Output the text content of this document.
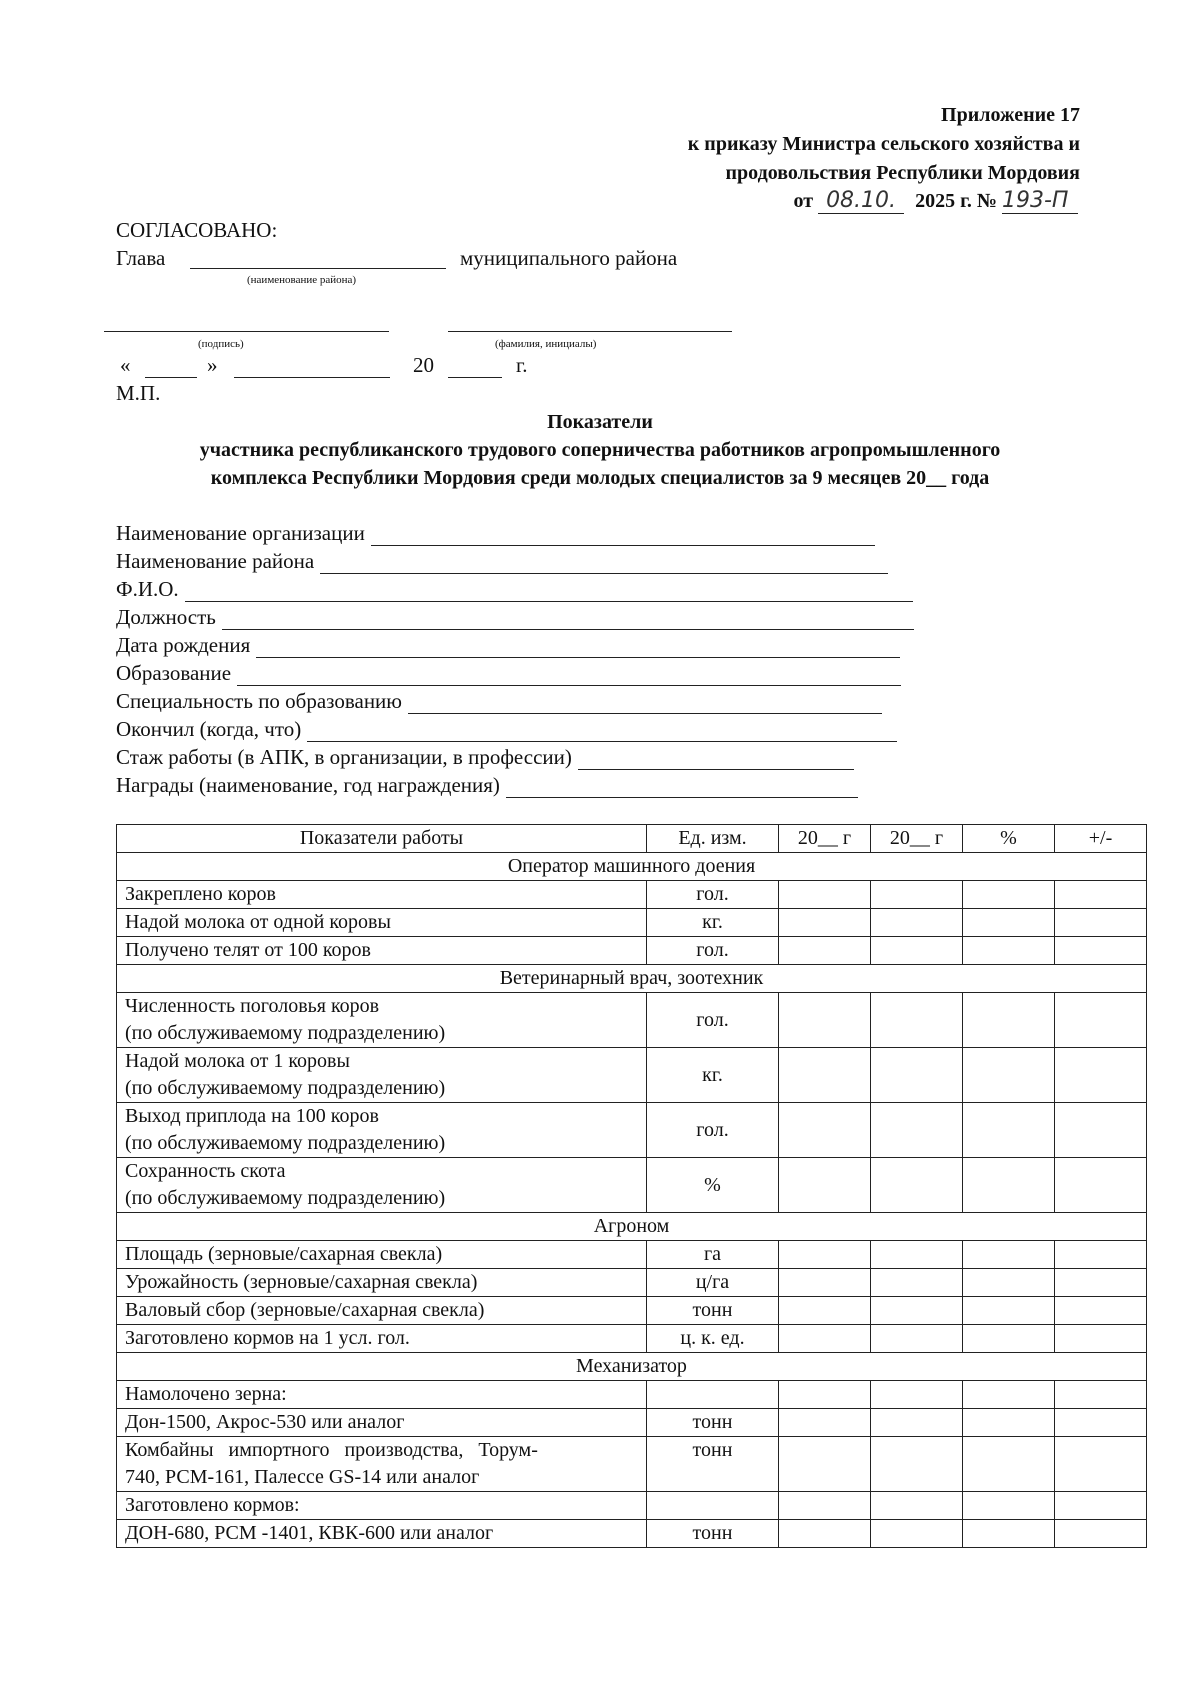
Приложение 17
к приказу Министра сельского хозяйства и
продовольствия Республики Мордовия
от 08.10. 2025 г. № 193-П
СОГЛАСОВАНО:
Глава	муниципального района
(наименование района)
(подпись)	(фамилия, инициалы)
«	»	20	г.
М.П.
Показатели
участника республиканского трудового соперничества работников агропромышленного
комплекса Республики Мордовия среди молодых специалистов за 9 месяцев 20__ года
Наименование организации
Наименование района
Ф.И.О.
Должность
Дата рождения
Образование
Специальность по образованию
Окончил (когда, что)
Стаж работы (в АПК, в организации, в профессии)
Награды (наименование, год награждения)
Показатели работы	Ед. изм.	20__ г	20__ г	%	+/-
Оператор машинного доения					
Закреплено коров	гол.				
Надой молока от одной коровы	кг.				
Получено телят от 100 коров	гол.				
Ветеринарный врач, зоотехник					

Численность поголовья коров
(по обслуживаемому подразделению)	гол.				

Надой молока от 1 коровы
(по обслуживаемому подразделению)	кг.				

Выход приплода на 100 коров
(по обслуживаемому подразделению)	гол.				

Сохранность скота
(по обслуживаемому подразделению)	%				
Агроном					
Площадь (зерновые/сахарная свекла)	га				
Урожайность (зерновые/сахарная свекла)	ц/га				
Валовый сбор (зерновые/сахарная свекла)	тонн				
Заготовлено кормов на 1 усл. гол.	ц. к. ед.				
Механизатор					
Намолочено зерна:					
Дон-1500, Акрос-530 или аналог	тонн				

Комбайны   импортного   производства,   Торум-
740, РСМ-161, Палессе GS-14 или аналог	тонн				
Заготовлено кормов:					
ДОН-680, РСМ -1401, КВК-600 или аналог	тонн				
